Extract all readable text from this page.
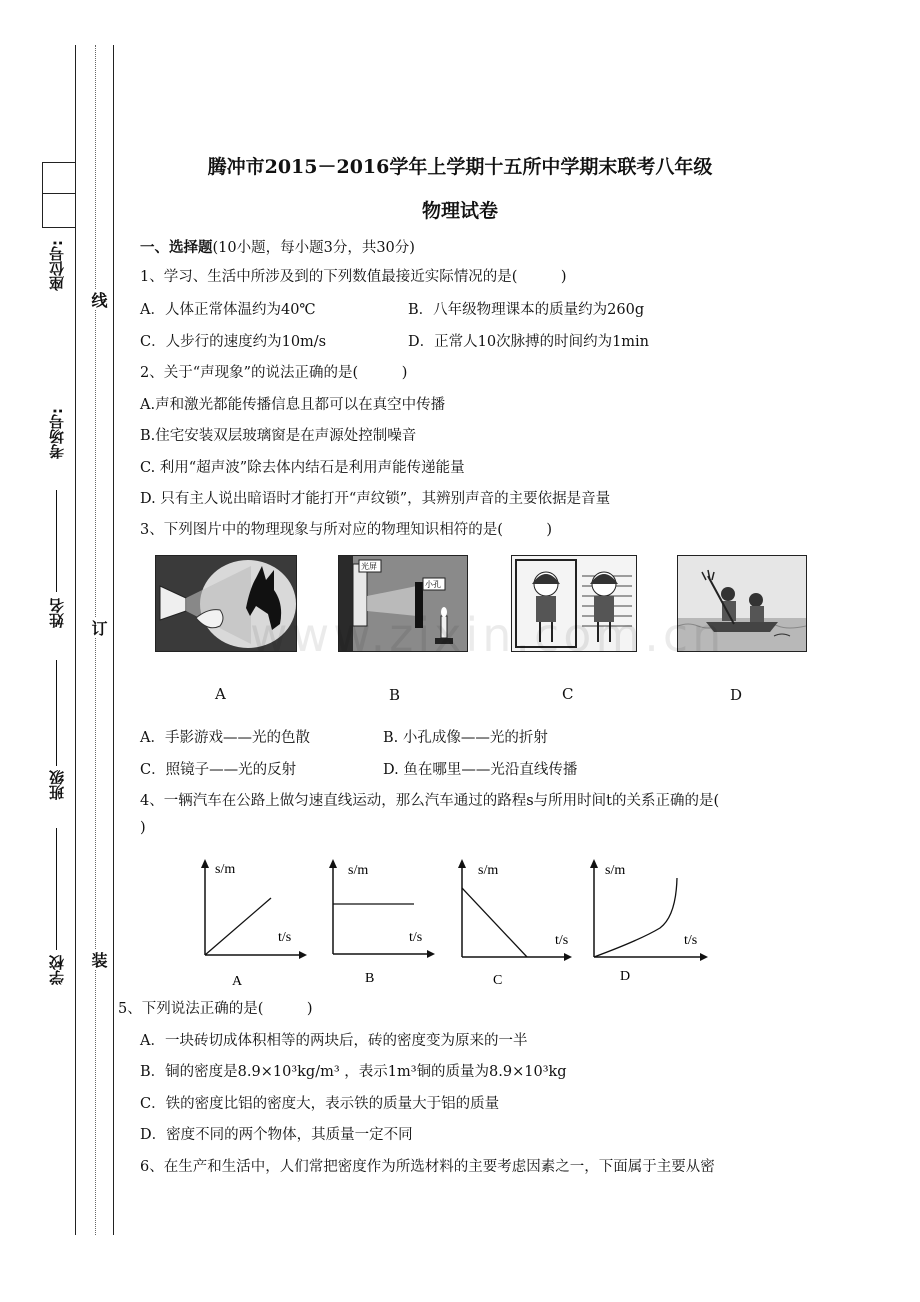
座位号:
考场号:
姓名
班级
学校
线
订
装
腾冲市2015－2016学年上学期十五所中学期末联考八年级
物理试卷
一、选择题(10小题，每小题3分，共30分)
1、学习、生活中所涉及到的下列数值最接近实际情况的是(　　　)
A．人体正常体温约为40℃	B．八年级物理课本的质量约为260g
C．人步行的速度约为10m/s	D．正常人10次脉搏的时间约为1min
2、关于“声现象”的说法正确的是(　　　)
A.声和激光都能传播信息且都可以在真空中传播
B.住宅安装双层玻璃窗是在声源处控制噪音
C. 利用“超声波”除去体内结石是利用声能传递能量
D. 只有主人说出暗语时才能打开“声纹锁”，其辨别声音的主要依据是音量
3、下列图片中的物理现象与所对应的物理知识相符的是(　　　)
光屏
小孔
A	B	C	D
A．手影游戏——光的色散	B. 小孔成像——光的折射
C．照镜子——光的反射	D. 鱼在哪里——光沿直线传播
4、一辆汽车在公路上做匀速直线运动，那么汽车通过的路程s与所用时间t的关系正确的是(
)
s/m
t/s
A
s/m
t/s
B
s/m
t/s
C
s/m
t/s
D
5、下列说法正确的是(　　　)
A．一块砖切成体积相等的两块后，砖的密度变为原来的一半
B．铜的密度是8.9×10³kg/m³ ，表示1m³铜的质量为8.9×10³kg
C．铁的密度比铝的密度大，表示铁的质量大于铝的质量
D．密度不同的两个物体，其质量一定不同
6、在生产和生活中，人们常把密度作为所选材料的主要考虑因素之一，下面属于主要从密
www.zixin.com.cn
